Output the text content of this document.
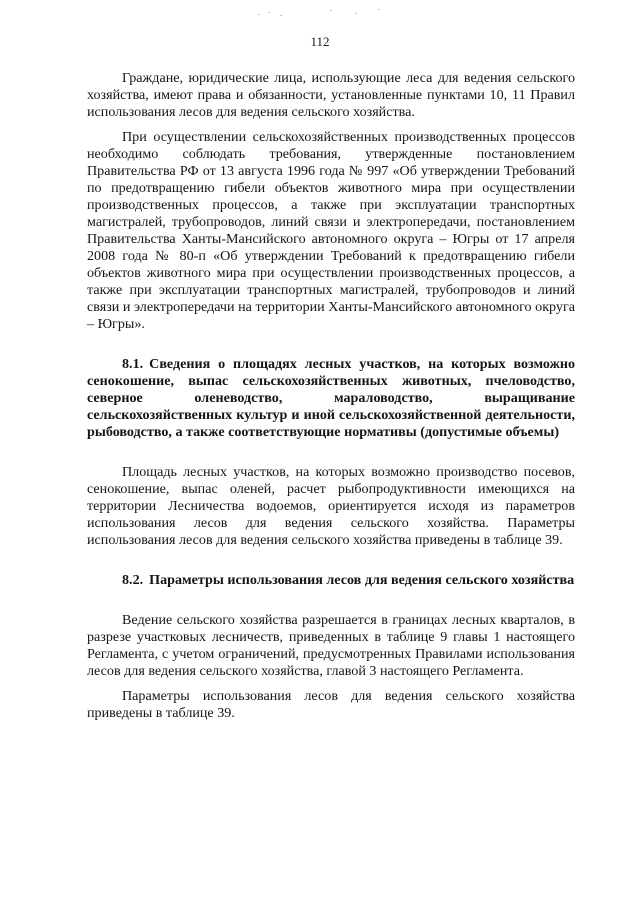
112

Граждане, юридические лица, использующие леса для ведения сельского хозяйства, имеют права и обязанности, установленные пунктами 10, 11 Правил использования лесов для ведения сельского хозяйства.

При осуществлении сельскохозяйственных производственных процессов необходимо соблюдать требования, утвержденные постановлением Правительства РФ от 13 августа 1996 года № 997 «Об утверждении Требований по предотвращению гибели объектов животного мира при осуществлении производственных процессов, а также при эксплуатации транспортных магистралей, трубопроводов, линий связи и электропередачи, постановлением Правительства Ханты-Мансийского автономного округа – Югры от 17 апреля 2008 года № 80-п «Об утверждении Требований к предотвращению гибели объектов животного мира при осуществлении производственных процессов, а также при эксплуатации транспортных магистралей, трубопроводов и линий связи и электропередачи на территории Ханты-Мансийского автономного округа – Югры».

8.1. Сведения о площадях лесных участков, на которых возможно сенокошение, выпас сельскохозяйственных животных, пчеловодство, северное оленеводство, мараловодство, выращивание сельскохозяйственных культур и иной сельскохозяйственной деятельности, рыбоводство, а также соответствующие нормативы (допустимые объемы)

Площадь лесных участков, на которых возможно производство посевов, сенокошение, выпас оленей, расчет рыбопродуктивности имеющихся на территории Лесничества водоемов, ориентируется исходя из параметров использования лесов для ведения сельского хозяйства. Параметры использования лесов для ведения сельского хозяйства приведены в таблице 39.

8.2. Параметры использования лесов для ведения сельского хозяйства

Ведение сельского хозяйства разрешается в границах лесных кварталов, в разрезе участковых лесничеств, приведенных в таблице 9 главы 1 настоящего Регламента, с учетом ограничений, предусмотренных Правилами использования лесов для ведения сельского хозяйства, главой 3 настоящего Регламента.

Параметры использования лесов для ведения сельского хозяйства приведены в таблице 39.
